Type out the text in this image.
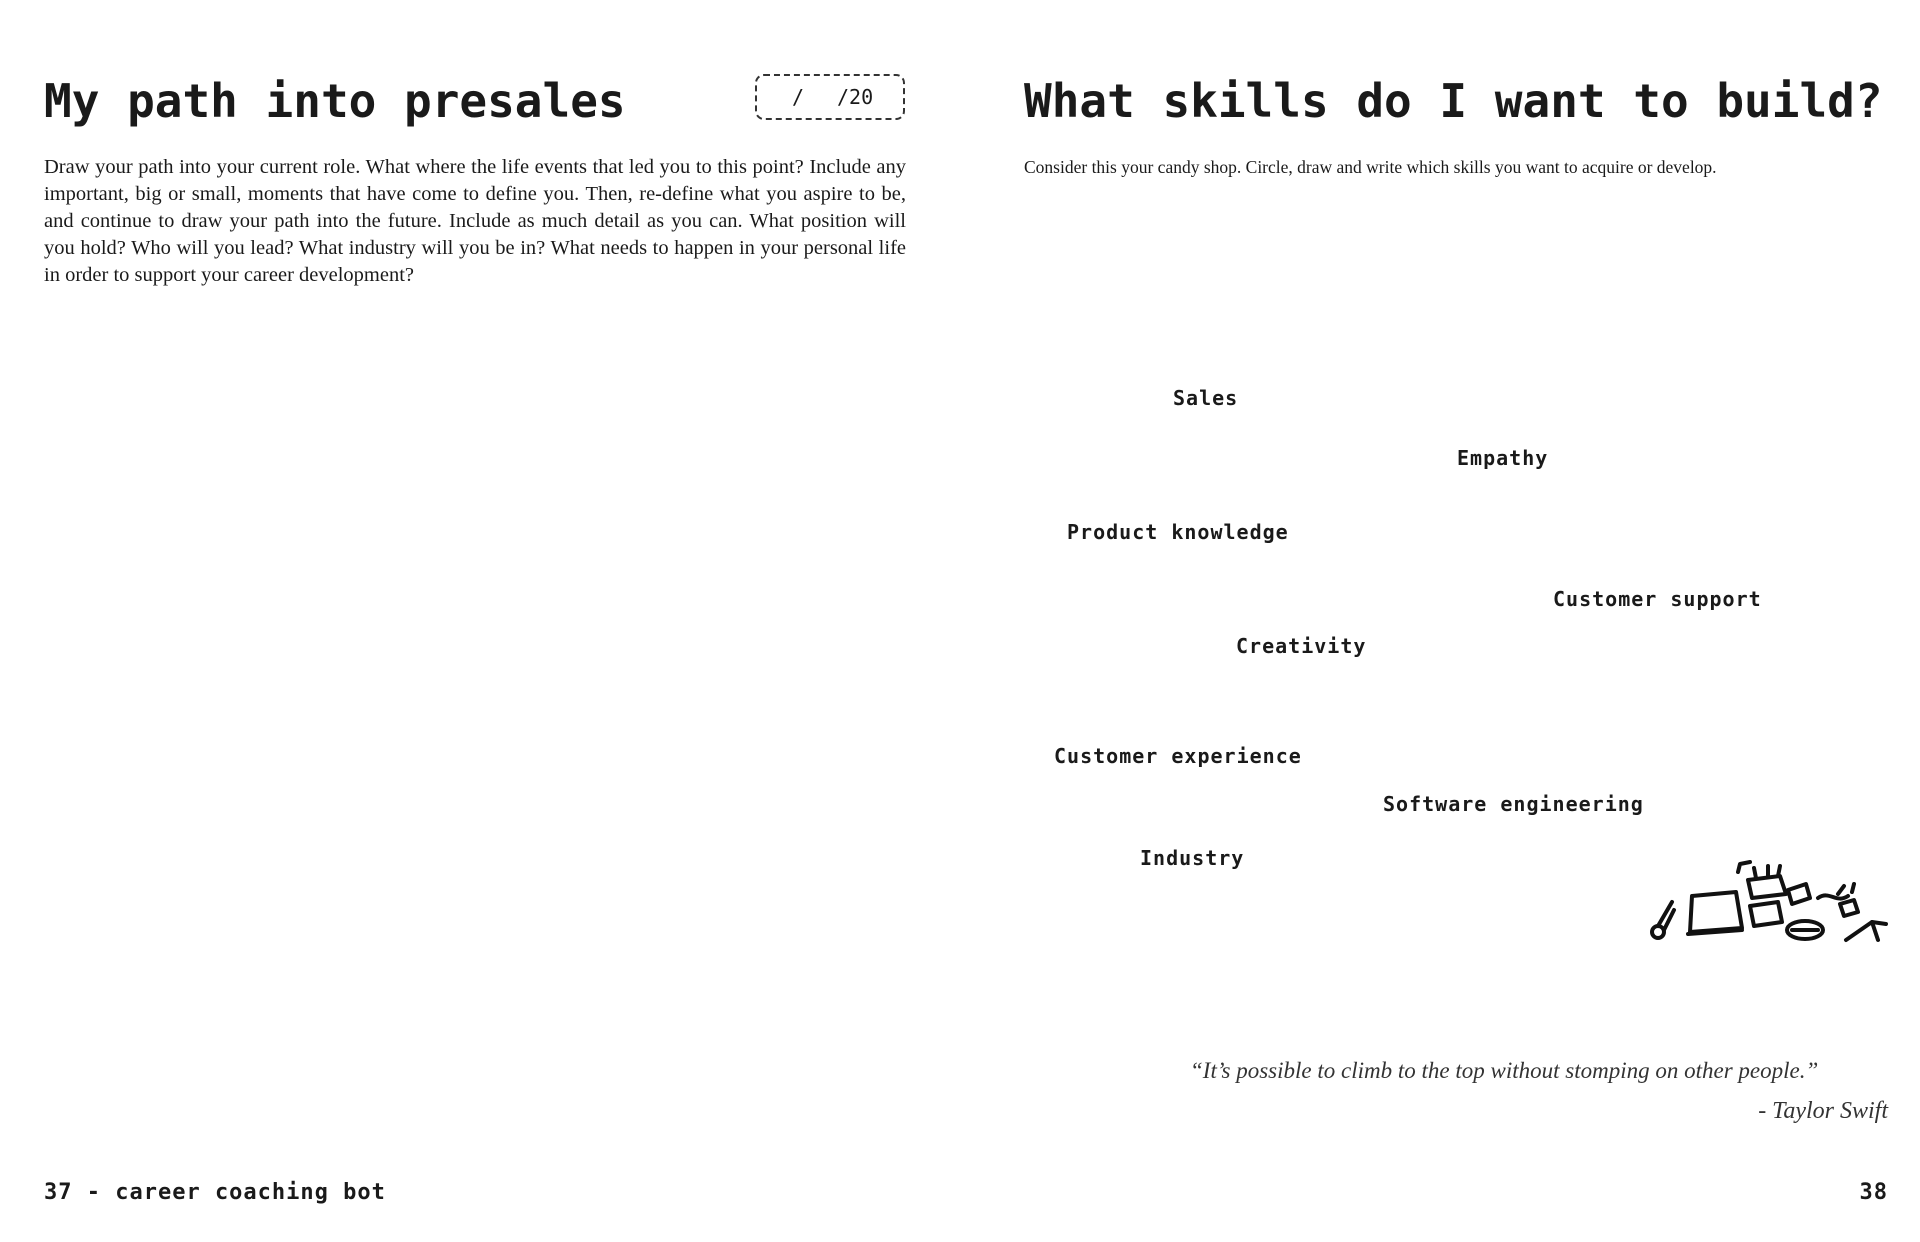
My path into presales	/ /20

Draw your path into your current role. What where the life events that led you to this point? Include any important, big or small, moments that have come to define you. Then, re-define what you aspire to be, and continue to draw your path into the future. Include as much detail as you can. What position will you hold? Who will you lead? What industry will you be in? What needs to happen in your personal life in order to support your career development?

37 - career coaching bot
What skills do I want to build?

Consider this your candy shop. Circle, draw and write which skills you want to acquire or develop.

Sales
Empathy
Product knowledge
Customer support
Creativity
Customer experience
Software engineering
Industry
“It’s possible to climb to the top without stomping on other people.”
- Taylor Swift
38
